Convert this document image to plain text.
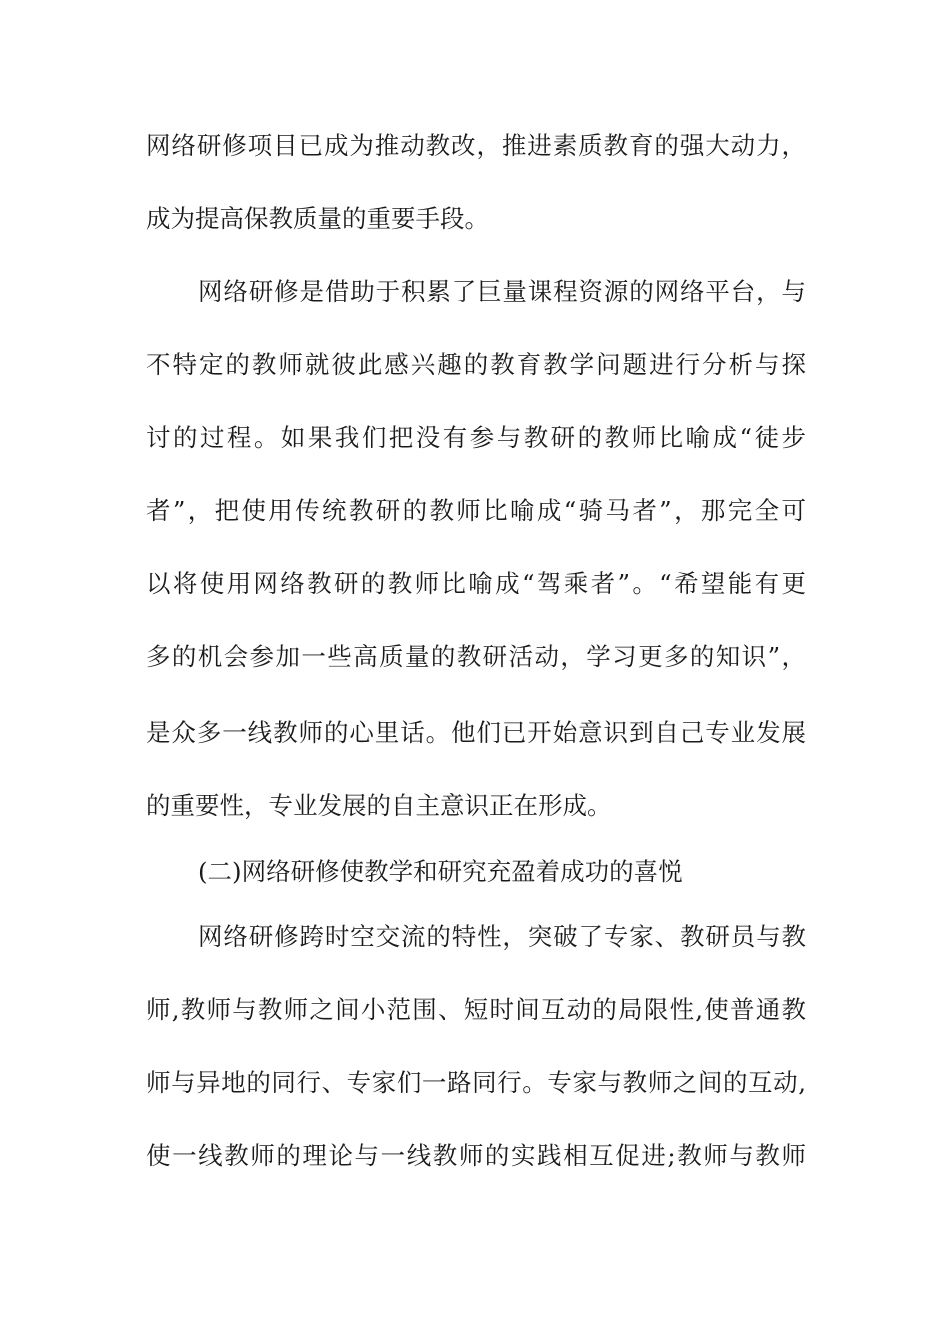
网络研修项目已成为推动教改，推进素质教育的强大动力，
成为提高保教质量的重要手段。
网络研修是借助于积累了巨量课程资源的网络平台，与
不特定的教师就彼此感兴趣的教育教学问题进行分析与探
讨的过程。如果我们把没有参与教研的教师比喻成“徒步
者”，把使用传统教研的教师比喻成“骑马者”，那完全可
以将使用网络教研的教师比喻成“驾乘者”。“希望能有更
多的机会参加一些高质量的教研活动，学习更多的知识”，
是众多一线教师的心里话。他们已开始意识到自己专业发展
的重要性，专业发展的自主意识正在形成。
(二)网络研修使教学和研究充盈着成功的喜悦
网络研修跨时空交流的特性，突破了专家、教研员与教
师,教师与教师之间小范围、短时间互动的局限性,使普通教
师与异地的同行、专家们一路同行。专家与教师之间的互动,
使一线教师的理论与一线教师的实践相互促进;教师与教师
